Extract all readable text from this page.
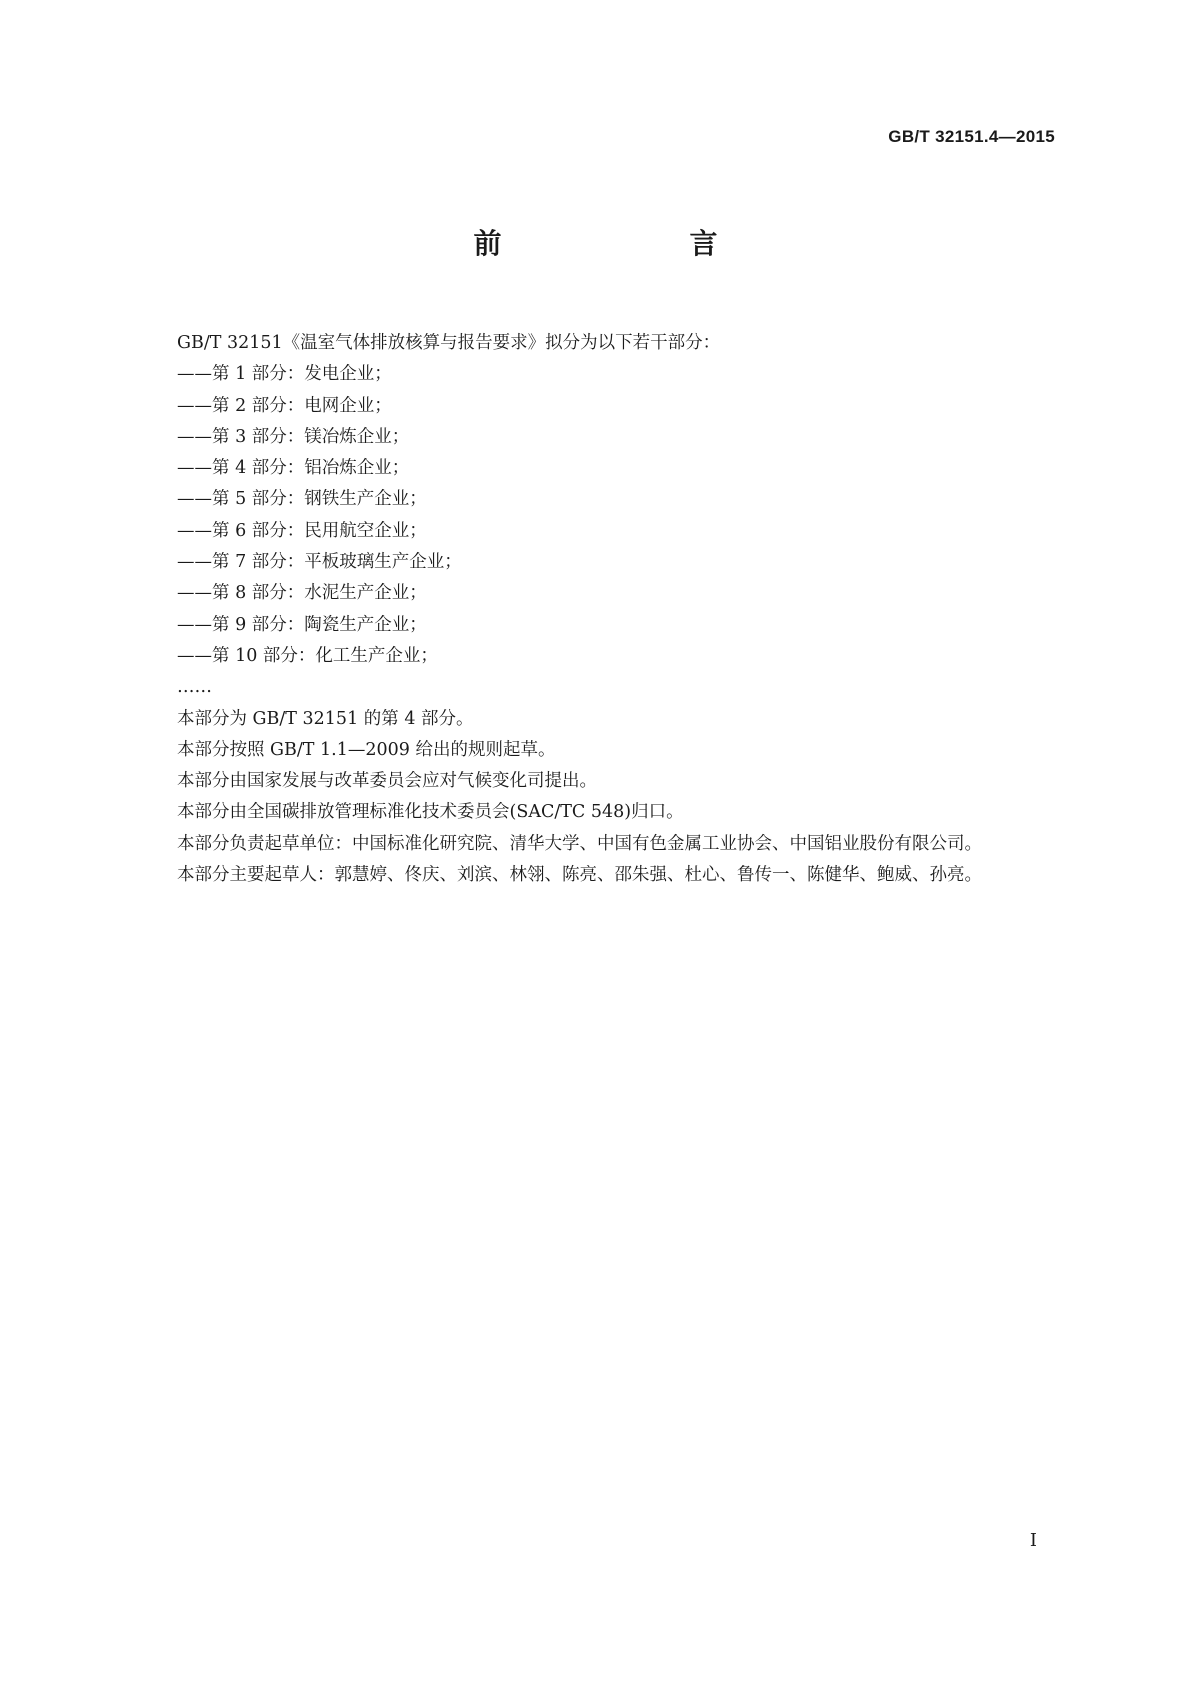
GB/T 32151.4—2015
前　　言

GB/T 32151《温室气体排放核算与报告要求》拟分为以下若干部分：

——第 1 部分：发电企业；

——第 2 部分：电网企业；

——第 3 部分：镁冶炼企业；

——第 4 部分：铝冶炼企业；

——第 5 部分：钢铁生产企业；

——第 6 部分：民用航空企业；

——第 7 部分：平板玻璃生产企业；

——第 8 部分：水泥生产企业；

——第 9 部分：陶瓷生产企业；

——第 10 部分：化工生产企业；

……

本部分为 GB/T 32151 的第 4 部分。

本部分按照 GB/T 1.1—2009 给出的规则起草。

本部分由国家发展与改革委员会应对气候变化司提出。

本部分由全国碳排放管理标准化技术委员会(SAC/TC 548)归口。

本部分负责起草单位：中国标准化研究院、清华大学、中国有色金属工业协会、中国铝业股份有限公司。

本部分主要起草人：郭慧婷、佟庆、刘滨、林翎、陈亮、邵朱强、杜心、鲁传一、陈健华、鲍威、孙亮。

I
